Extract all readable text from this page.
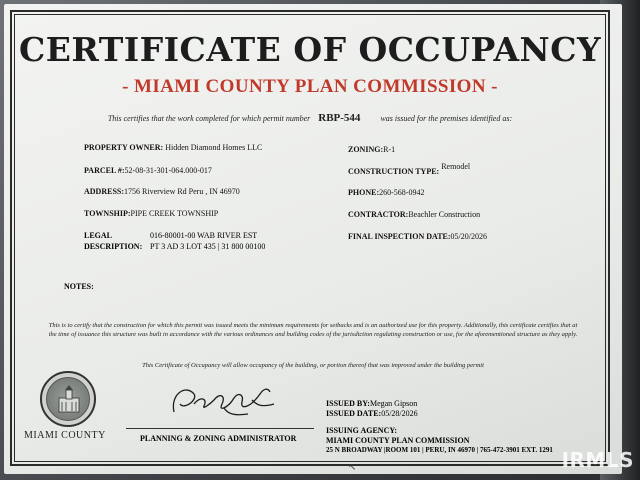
CERTIFICATE OF OCCUPANCY
- MIAMI COUNTY PLAN COMMISSION -
This certifies that the work completed for which permit number RBP-544	was issued for the premises identified as:
PROPERTY OWNER: Hidden Diamond Homes LLC	ZONING:R-1
PARCEL #:52-08-31-301-064.000-017	CONSTRUCTION TYPE: Remodel
ADDRESS:1756 Riverview Rd Peru , IN 46970	PHONE:260-568-0942
TOWNSHIP:PIPE CREEK TOWNSHIP	CONTRACTOR:Beachler Construction
LEGAL
DESCRIPTION:
016-80001-00 WAB RIVER EST
PT 3 AD 3 LOT 435 | 31 800 00100
FINAL INSPECTION DATE:05/20/2026
NOTES:
This is to certify that the construction for which this permit was issued meets the minimum requirements for setbacks and is an authorized use for this property. Additionally, this certificate certifies that at the time of issuance this structure was built in accordance with the various ordinances and building codes of the jurisdiction regulating construction or use, for the aforementioned structure as they apply.
This Certificate of Occupancy will allow occupancy of the building, or portion thereof that was improved under the building permit
MIAMI COUNTY	PLANNING & ZONING ADMINISTRATOR
ISSUED BY:Megan Gipson
ISSUED DATE:05/28/2026
ISSUING AGENCY:
MIAMI COUNTY PLAN COMMISSION
25 N BROADWAY |ROOM 101 | PERU, IN 46970 | 765-472-3901 EXT. 1291
↖	IRMLS
